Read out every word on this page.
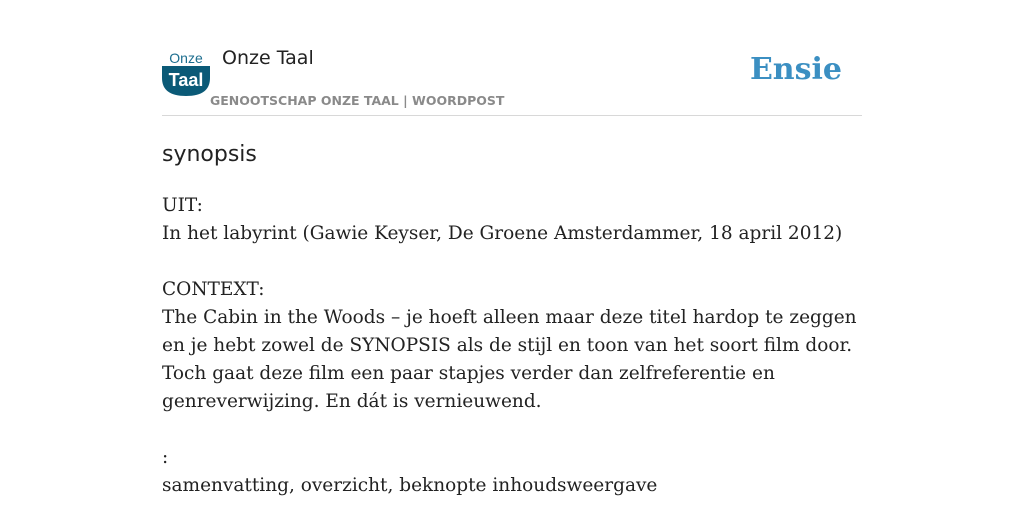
Onze
Taal
Onze Taal
GENOOTSCHAP ONZE TAAL | WOORDPOST
Ensie
synopsis

UIT:

In het labyrint (Gawie Keyser, De Groene Amsterdammer, 18 april 2012)

CONTEXT:

The Cabin in the Woods – je hoeft alleen maar deze titel hardop te zeggen en je hebt zowel de SYNOPSIS als de stijl en toon van het soort film door. Toch gaat deze film een paar stapjes verder dan zelfreferentie en genreverwijzing. En dát is vernieuwend.

:

samenvatting, overzicht, beknopte inhoudsweergave
